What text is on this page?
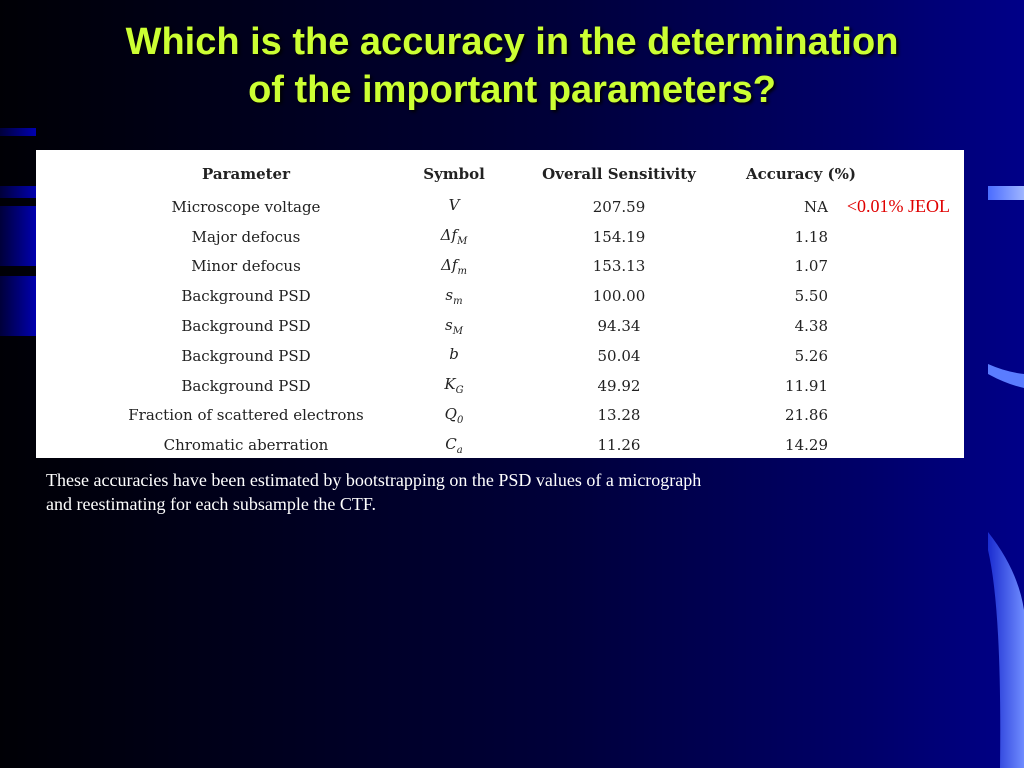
Which is the accuracy in the determination
of the important parameters?
Parameter	Symbol	Overall Sensitivity	Accuracy (%)
Microscope voltage	V	207.59	NA
Major defocus	$\Delta f_M$	154.19	1.18
Minor defocus	$\Delta f_m$	153.13	1.07
Background PSD	$s_m$	100.00	5.50
Background PSD	$s_M$	94.34	4.38
Background PSD	b	50.04	5.26
Background PSD	$K_G$	49.92	11.91
Fraction of scattered electrons	$Q_0$	13.28	21.86
Chromatic aberration	$C_a$	11.26	14.29
<0.01% JEOL

These accuracies have been estimated by bootstrapping on the PSD values of a micrograph and reestimating for each subsample the CTF.
